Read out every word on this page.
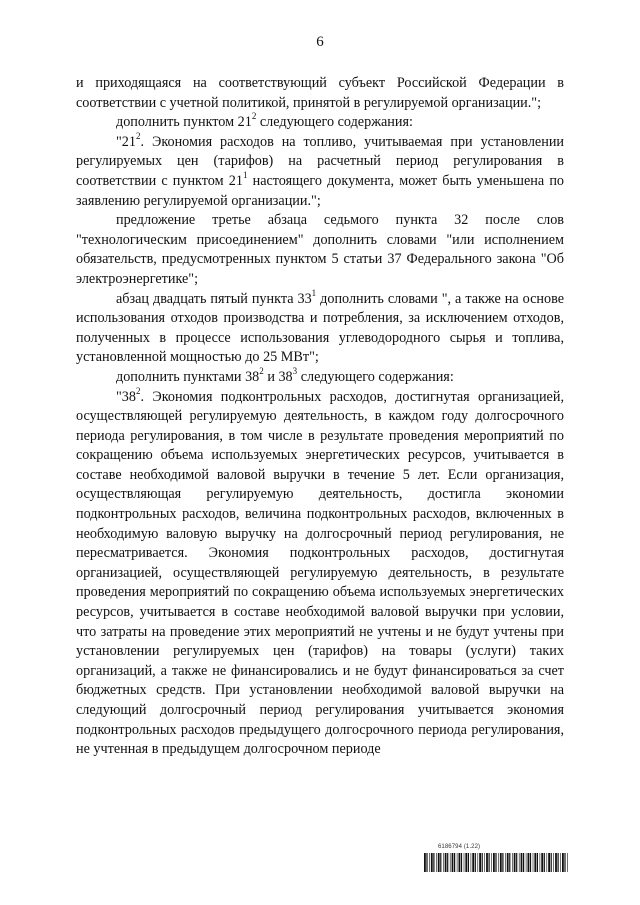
6

и приходящаяся на соответствующий субъект Российской Федерации в соответствии с учетной политикой, принятой в регулируемой организации.";

дополнить пунктом $21^2$ следующего содержания:

"$21^2$. Экономия расходов на топливо, учитываемая при установлении регулируемых цен (тарифов) на расчетный период регулирования в соответствии с пунктом $21^1$ настоящего документа, может быть уменьшена по заявлению регулируемой организации.";

предложение третье абзаца седьмого пункта 32 после слов "технологическим присоединением" дополнить словами "или исполнением обязательств, предусмотренных пунктом 5 статьи 37 Федерального закона "Об электроэнергетике";

абзац двадцать пятый пункта $33^1$ дополнить словами ", а также на основе использования отходов производства и потребления, за исключением отходов, полученных в процессе использования углеводородного сырья и топлива, установленной мощностью до 25 МВт";

дополнить пунктами $38^2$ и $38^3$ следующего содержания:

"$38^2$. Экономия подконтрольных расходов, достигнутая организацией, осуществляющей регулируемую деятельность, в каждом году долгосрочного периода регулирования, в том числе в результате проведения мероприятий по сокращению объема используемых энергетических ресурсов, учитывается в составе необходимой валовой выручки в течение 5 лет. Если организация, осуществляющая регулируемую деятельность, достигла экономии подконтрольных расходов, величина подконтрольных расходов, включенных в необходимую валовую выручку на долгосрочный период регулирования, не пересматривается. Экономия подконтрольных расходов, достигнутая организацией, осуществляющей регулируемую деятельность, в результате проведения мероприятий по сокращению объема используемых энергетических ресурсов, учитывается в составе необходимой валовой выручки при условии, что затраты на проведение этих мероприятий не учтены и не будут учтены при установлении регулируемых цен (тарифов) на товары (услуги) таких организаций, а также не финансировались и не будут финансироваться за счет бюджетных средств. При установлении необходимой валовой выручки на следующий долгосрочный период регулирования учитывается экономия подконтрольных расходов предыдущего долгосрочного периода регулирования, не учтенная в предыдущем долгосрочном периоде

6186794 (1.22)
